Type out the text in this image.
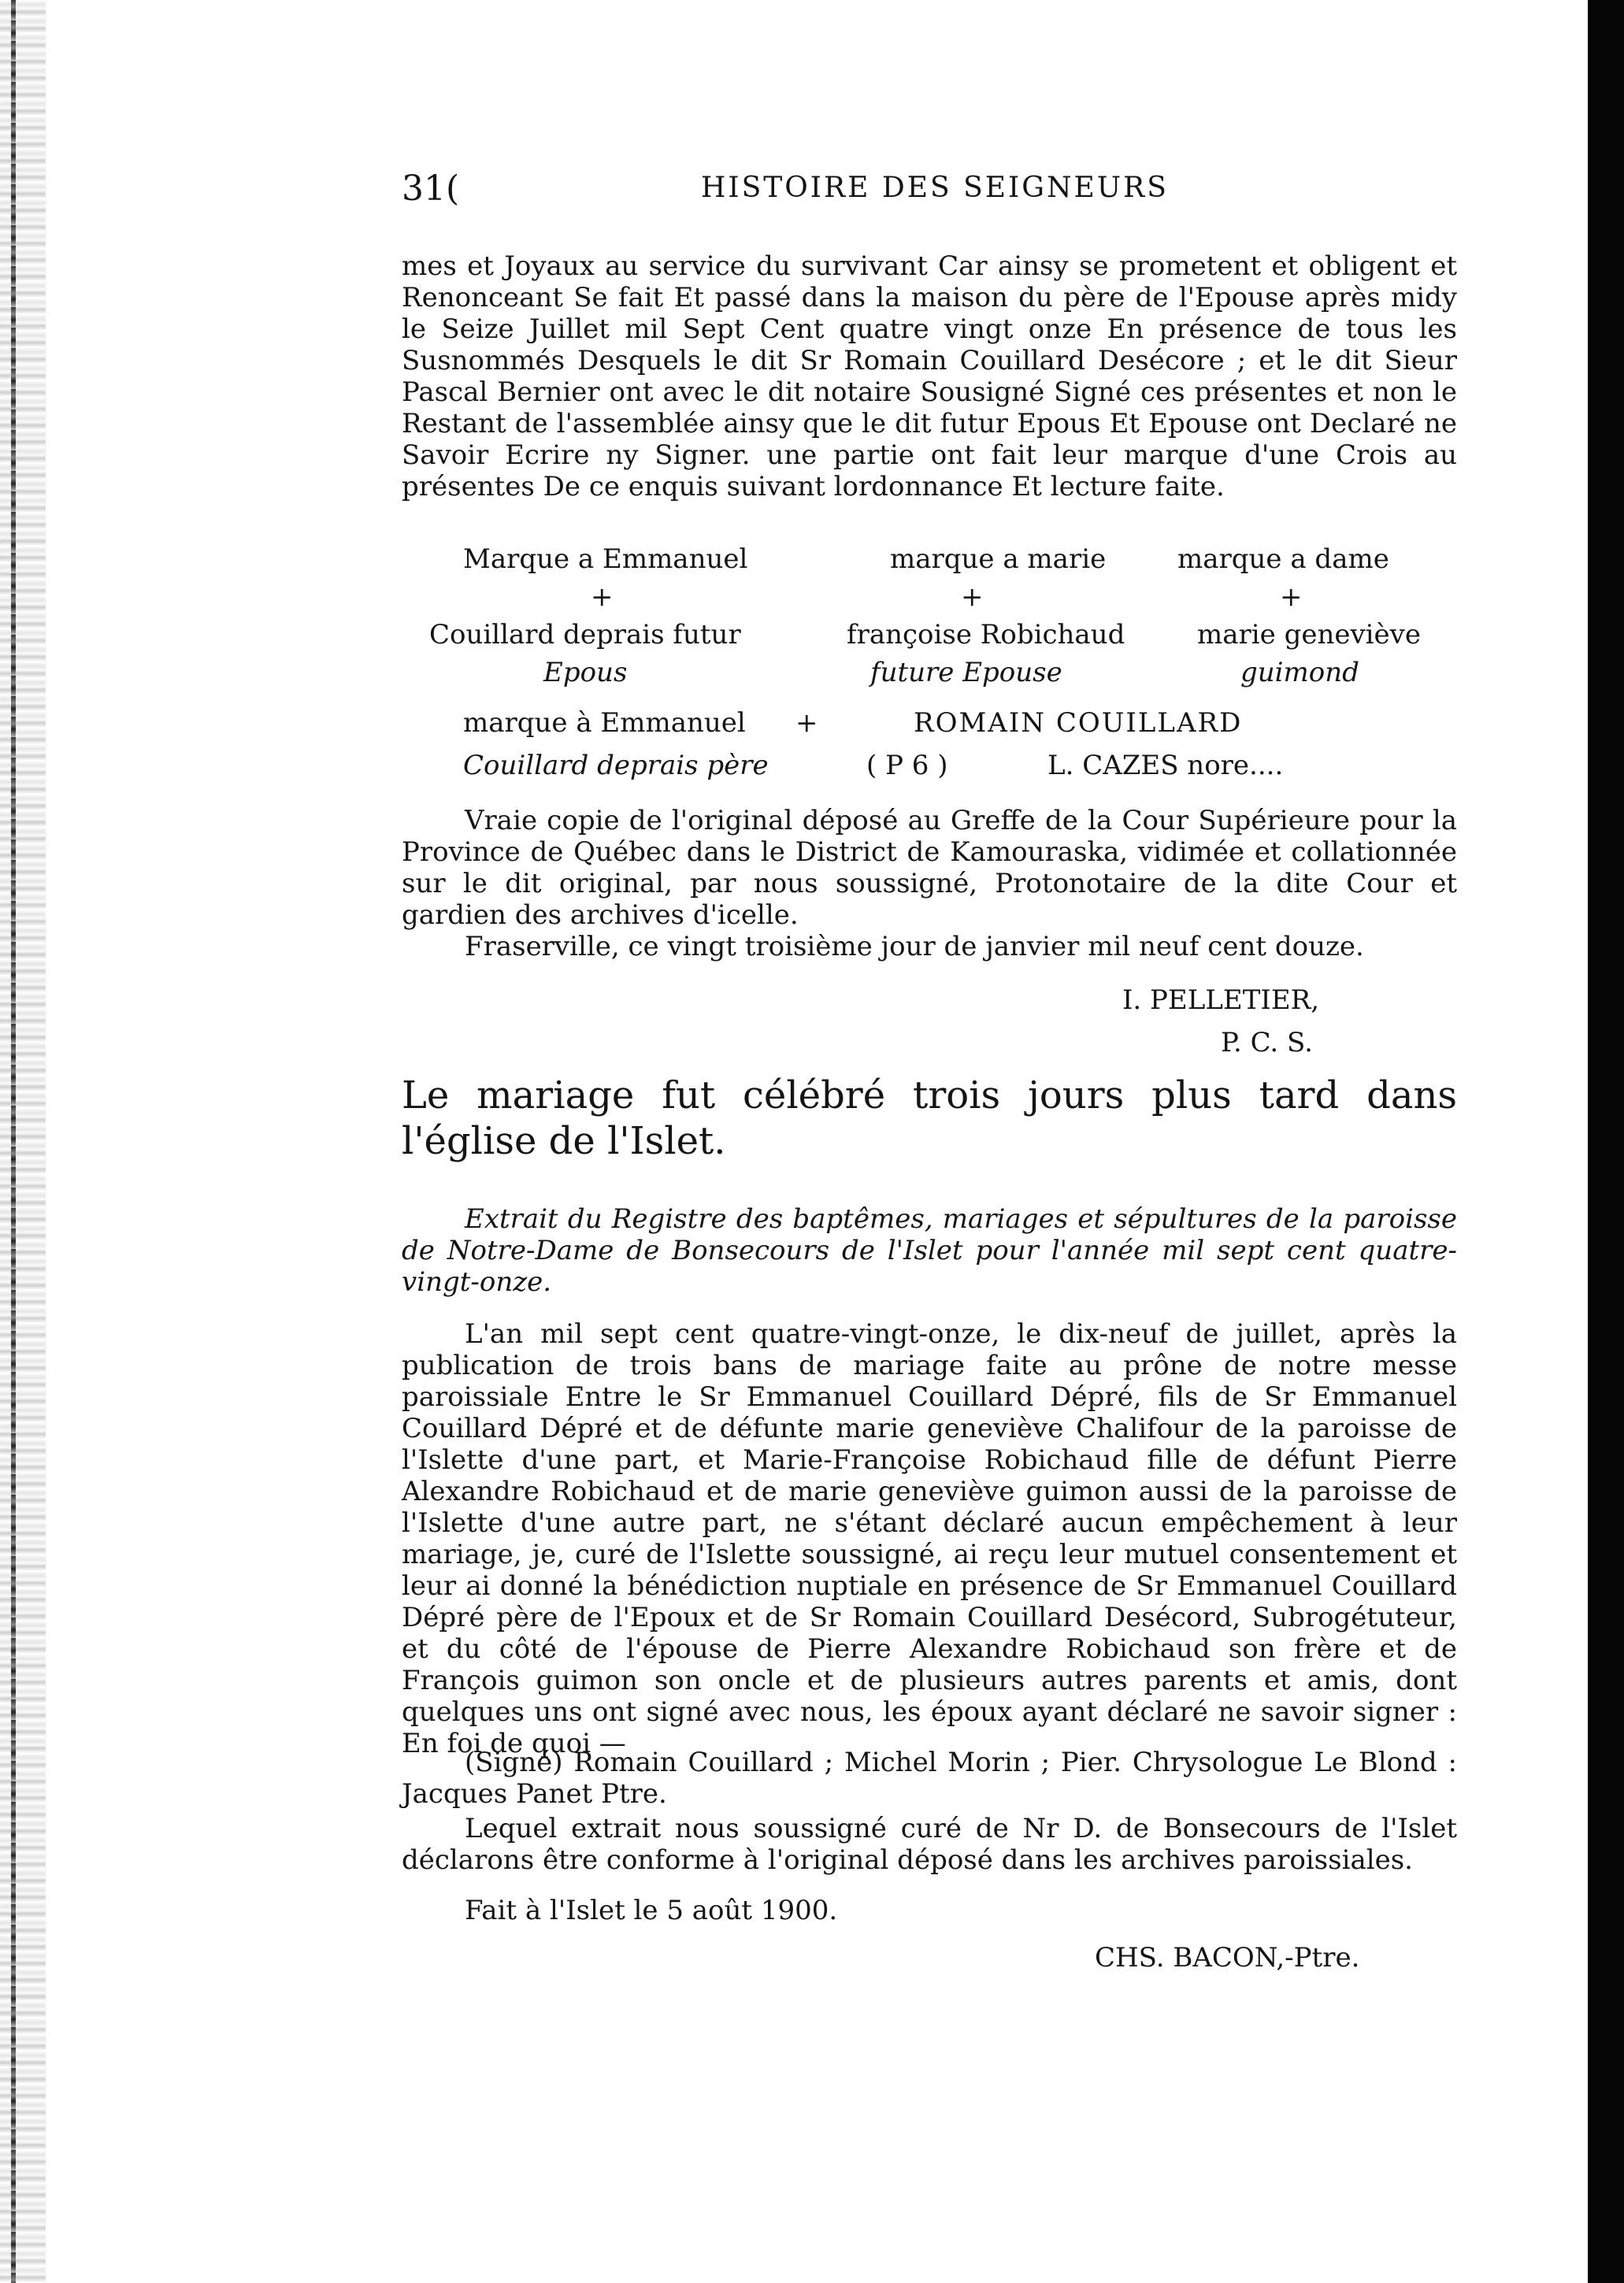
31(	HISTOIRE DES SEIGNEURS

mes et Joyaux au service du survivant Car ainsy se prometent et obligent et Renonceant Se fait Et passé dans la maison du père de l'Epouse après midy le Seize Juillet mil Sept Cent quatre vingt onze En présence de tous les Susnommés Desquels le dit Sr Romain Couillard Desécore ; et le dit Sieur Pascal Bernier ont avec le dit notaire Sousigné Signé ces présentes et non le Restant de l'assemblée ainsy que le dit futur Epous Et Epouse ont Declaré ne Savoir Ecrire ny Signer. une partie ont fait leur marque d'une Crois au présentes De ce enquis suivant lordonnance Et lecture faite.

Marque a Emmanuel	marque a marie	marque a dame
+	+	+
Couillard deprais futur	françoise Robichaud	marie geneviève
Epous	future Epouse	guimond
marque à Emmanuel +	ROMAIN COUILLARD
Couillard deprais père	( P 6 )	L. CAZES nore....

Vraie copie de l'original déposé au Greffe de la Cour Supérieure pour la Province de Québec dans le District de Kamouraska, vidimée et collationnée sur le dit original, par nous soussigné, Protonotaire de la dite Cour et gardien des archives d'icelle.

Fraserville, ce vingt troisième jour de janvier mil neuf cent douze.

I. PELLETIER,
P. C. S.

Le mariage fut célébré trois jours plus tard dans l'église de l'Islet.

Extrait du Registre des baptêmes, mariages et sépultures de la paroisse de Notre-Dame de Bonsecours de l'Islet pour l'année mil sept cent quatre-vingt-onze.

L'an mil sept cent quatre-vingt-onze, le dix-neuf de juillet, après la publication de trois bans de mariage faite au prône de notre messe paroissiale Entre le Sr Emmanuel Couillard Dépré, fils de Sr Emmanuel Couillard Dépré et de défunte marie geneviève Chalifour de la paroisse de l'Islette d'une part, et Marie-Françoise Robichaud fille de défunt Pierre Alexandre Robichaud et de marie geneviève guimon aussi de la paroisse de l'Islette d'une autre part, ne s'étant déclaré aucun empêchement à leur mariage, je, curé de l'Islette soussigné, ai reçu leur mutuel consentement et leur ai donné la bénédiction nuptiale en présence de Sr Emmanuel Couillard Dépré père de l'Epoux et de Sr Romain Couillard Desécord, Subrogétuteur, et du côté de l'épouse de Pierre Alexandre Robichaud son frère et de François guimon son oncle et de plusieurs autres parents et amis, dont quelques uns ont signé avec nous, les époux ayant déclaré ne savoir signer : En foi de quoi —

(Signé) Romain Couillard ; Michel Morin ; Pier. Chrysologue Le Blond : Jacques Panet Ptre.

Lequel extrait nous soussigné curé de Nr D. de Bonsecours de l'Islet déclarons être conforme à l'original déposé dans les archives paroissiales.

Fait à l'Islet le 5 août 1900.

CHS. BACON,-Ptre.
